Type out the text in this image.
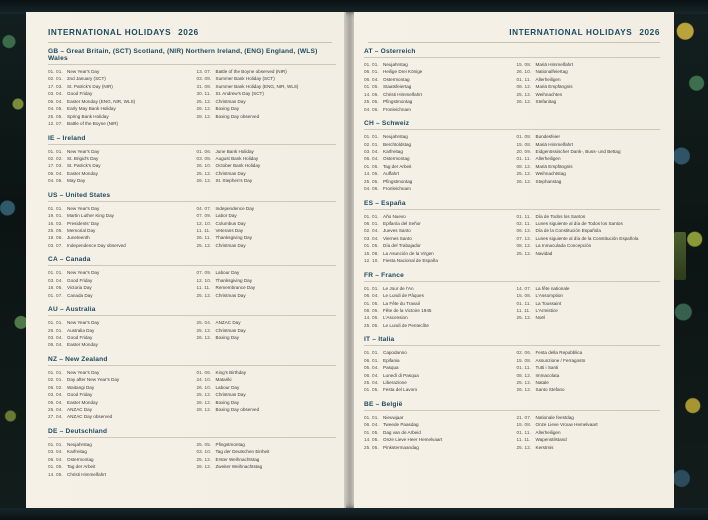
INTERNATIONAL HOLIDAYS 2026
GB – Great Britain, (SCT) Scotland, (NIR) Northern Ireland, (ENG) England, (WLS) Wales
01. 01. New Year's Day
02. 01. 2nd January (SCT)
17. 03. St. Patrick's Day (NIR)
03. 04. Good Friday
06. 04. Easter Monday (ENG, NIR, WLS)
04. 05. Early May Bank Holiday
25. 05. Spring Bank Holiday
12. 07. Battle of the Boyne (NIR)
13. 07. Battle of the Boyne observed (NIR)
03. 08. Summer Bank Holiday (SCT)
31. 08. Summer Bank Holiday (ENG, NIR, WLS)
30. 11. St. Andrew's Day (SCT)
25. 12. Christmas Day
26. 12. Boxing Day
28. 12. Boxing Day observed
IE – Ireland
01. 01. New Year's Day
02. 02. St. Brigid's Day
17. 03. St. Patrick's Day
06. 04. Easter Monday
04. 05. May Day
01. 06. June Bank Holiday
03. 08. August Bank Holiday
26. 10. October Bank Holiday
25. 12. Christmas Day
26. 12. St. Stephen's Day
US – United States
01. 01. New Year's Day
19. 01. Martin Luther King Day
16. 02. Presidents' Day
25. 05. Memorial Day
19. 06. Juneteenth
03. 07. Independence Day observed
04. 07. Independence Day
07. 09. Labor Day
12. 10. Columbus Day
11. 11.	Veterans Day
26. 11. Thanksgiving Day
25. 12. Christmas Day
CA – Canada
01. 01. New Year's Day
03. 04. Good Friday
18. 05. Victoria Day
01. 07. Canada Day
07. 09. Labour Day
12. 10. Thanksgiving Day
11. 11.	Remembrance Day
25. 12. Christmas Day
AU – Australia
01. 01. New Year's Day
26. 01. Australia Day
03. 04. Good Friday
06. 04. Easter Monday
25. 04. ANZAC Day
25. 12. Christmas Day
26. 12. Boxing Day
NZ – New Zealand
01. 01. New Year's Day
02. 01. Day after New Year's Day
06. 02. Waitangi Day
03. 04. Good Friday
06. 04. Easter Monday
25. 04. ANZAC Day
27. 04. ANZAC Day observed
01. 06. King's Birthday
24. 10. Matariki
26. 10. Labour Day
25. 12. Christmas Day
26. 12. Boxing Day
28. 12. Boxing Day observed
DE – Deutschland
01. 01. Neujahrstag
03. 04. Karfreitag
06. 04. Ostermontag
01. 05. Tag der Arbeit
14. 05. Christi Himmelfahrt
25. 05. Pfingstmontag
03. 10. Tag der Deutschen Einheit
25. 12. Erster Weihnachtstag
26. 12. Zweiter Weihnachtstag
INTERNATIONAL HOLIDAYS 2026
AT – Österreich
01. 01. Neujahrstag
06. 01. Heilige Drei Könige
06. 04. Ostermontag
01. 05. Staatsfeiertag
14. 05. Christi Himmelfahrt
25. 05. Pfingstmontag
04. 06. Fronleichnam
15. 08. Mariä Himmelfahrt
26. 10. Nationalfeiertag
01. 11. Allerheiligen
08. 12. Mariä Empfängnis
25. 12. Weihnachten
26. 12. Stefanitag
CH – Schweiz
01. 01. Neujahrstag
02. 01. Berchtoldstag
03. 04. Karfreitag
06. 04. Ostermontag
01. 05. Tag der Arbeit
14. 05. Auffahrt
25. 05. Pfingstmontag
04. 06. Fronleichnam
01. 08. Bundesfeier
15. 08. Mariä Himmelfahrt
20. 09. Eidgenössischer Dank-, Buss- und Bettag
01. 11. Allerheiligen
08. 12. Mariä Empfängnis
25. 12. Weihnachtstag
26. 12. Stephanstag
ES – España
01. 01. Año Nuevo
06. 01. Epifanía del Señor
02. 04. Jueves Santo
03. 04. Viernes Santo
01. 05. Día del Trabajador
15. 08. La Asunción de la Virgen
12. 10. Fiesta Nacional de España
01. 11. Día de Todos los Santos
02. 11. Lunes siguiente al día de Todos los Santos
06. 12. Día de la Constitución Española
07. 12. Lunes siguiente al día de la Constitución Española
08. 12. La Inmaculada Concepción
25. 12. Navidad
FR – France
01. 01. Le Jour de l'An
06. 04. Le Lundi de Pâques
01. 05. La Fête du Travail
08. 05. Fête de la Victoire 1945
14. 05. L'Ascension
25. 05. Le Lundi de Pentecôte
14. 07. La fête nationale
15. 08. L'Assomption
01. 11. La Toussaint
11. 11.	L'Armistice
25. 12. Noël
IT – Italia
01. 01. Capodanno
06. 01. Epifania
05. 04. Pasqua
06. 04. Lunedì di Pasqua
25. 04. Liberazione
01. 05. Festa del Lavoro
02. 06. Festa della Repubblica
15. 08. Assunzione / Ferragosto
01. 11. Tutti i Santi
08. 12. Immacolata
25. 12. Natale
26. 12. Santo Stefano
BE – België
01. 01. Nieuwjaar
06. 04. Tweede Paasdag
01. 05. Dag van de Arbeid
14. 05. Onze Lieve Heer Hemelvaart
25. 05. Pinkstermaandag
21. 07. Nationale feestdag
15. 08. Onze Lieve Vrouw Hemelvaart
01. 11. Allerheiligen
11. 11.	Wapenstilstand
25. 12. Kerstmis
